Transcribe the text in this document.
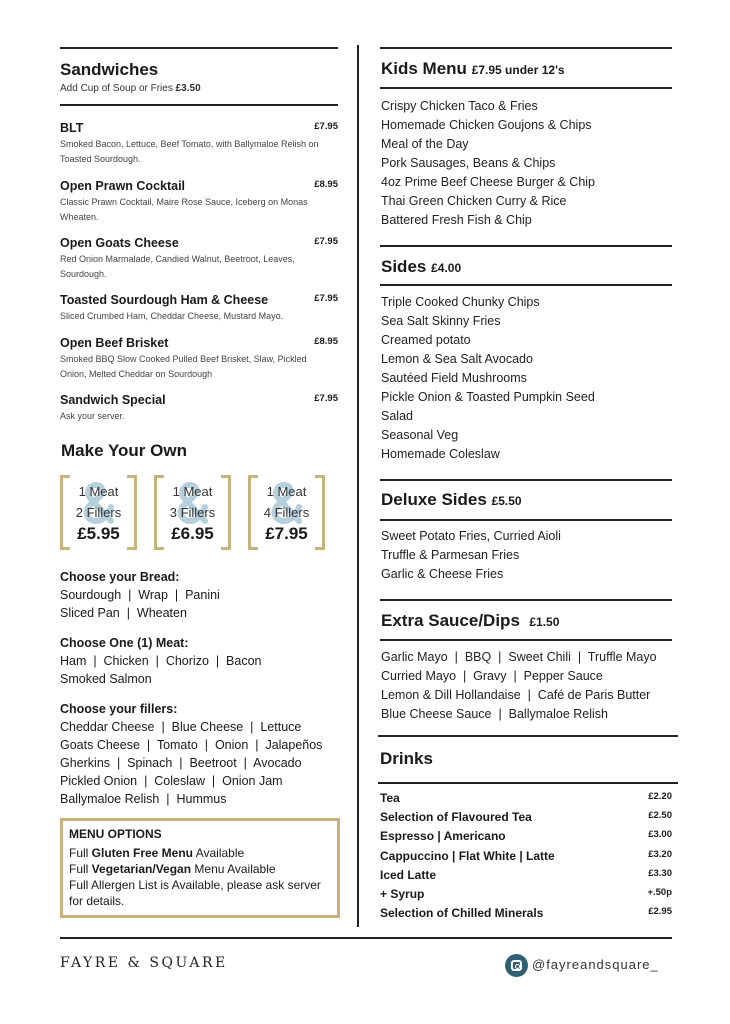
Sandwiches
Add Cup of Soup or Fries £3.50
BLT	£7.95
Smoked Bacon, Lettuce, Beef Tomato, with Ballymaloe Relish on Toasted Sourdough.
Open Prawn Cocktail	£8.95
Classic Prawn Cocktail, Maire Rose Sauce, Iceberg on Monas Wheaten.
Open Goats Cheese	£7.95
Red Onion Marmalade, Candied Walnut, Beetroot, Leaves, Sourdough.
Toasted Sourdough Ham & Cheese	£7.95
Sliced Crumbed Ham, Cheddar Cheese, Mustard Mayo.
Open Beef Brisket	£8.95
Smoked BBQ Slow Cooked Pulled Beef Brisket, Slaw, Pickled Onion, Melted Cheddar on Sourdough
Sandwich Special	£7.95
Ask your server.
Make Your Own
1 Meat
2 Fillers
£5.95
1 Meat
3 Fillers
£6.95
1 Meat
4 Fillers
£7.95
Choose your Bread:
Sourdough  |  Wrap  |  Panini
Sliced Pan  |  Wheaten
Choose One (1) Meat:
Ham  |  Chicken  |  Chorizo  |  Bacon
Smoked Salmon
Choose your fillers:
Cheddar Cheese  |  Blue Cheese  |  Lettuce
Goats Cheese  |  Tomato  |  Onion  |  Jalapeños
Gherkins  |  Spinach  |  Beetroot  |  Avocado
Pickled Onion  |  Coleslaw  |  Onion Jam
Ballymaloe Relish  |  Hummus
MENU OPTIONS
Full Gluten Free Menu Available
Full Vegetarian/Vegan Menu Available
Full Allergen List is Available, please ask server for details.
Kids Menu £7.95 under 12's
Crispy Chicken Taco & Fries
Homemade Chicken Goujons & Chips
Meal of the Day
Pork Sausages, Beans & Chips
4oz Prime Beef Cheese Burger & Chip
Thai Green Chicken Curry & Rice
Battered Fresh Fish & Chip
Sides £4.00
Triple Cooked Chunky Chips
Sea Salt Skinny Fries
Creamed potato
Lemon & Sea Salt Avocado
Sautéed Field Mushrooms
Pickle Onion & Toasted Pumpkin Seed
Salad
Seasonal Veg
Homemade Coleslaw
Deluxe Sides £5.50
Sweet Potato Fries, Curried Aioli
Truffle & Parmesan Fries
Garlic & Cheese Fries
Extra Sauce/Dips £1.50
Garlic Mayo  |  BBQ  |  Sweet Chili  |  Truffle Mayo
Curried Mayo  |  Gravy  |  Pepper Sauce
Lemon & Dill Hollandaise  |  Café de Paris Butter
Blue Cheese Sauce  |  Ballymaloe Relish
Drinks
Tea	£2.20
Selection of Flavoured Tea	£2.50
Espresso | Americano	£3.00
Cappuccino | Flat White | Latte	£3.20
Iced Latte	£3.30
+ Syrup	+.50p
Selection of Chilled Minerals	£2.95
FAYRE & SQUARE	@fayreandsquare_
